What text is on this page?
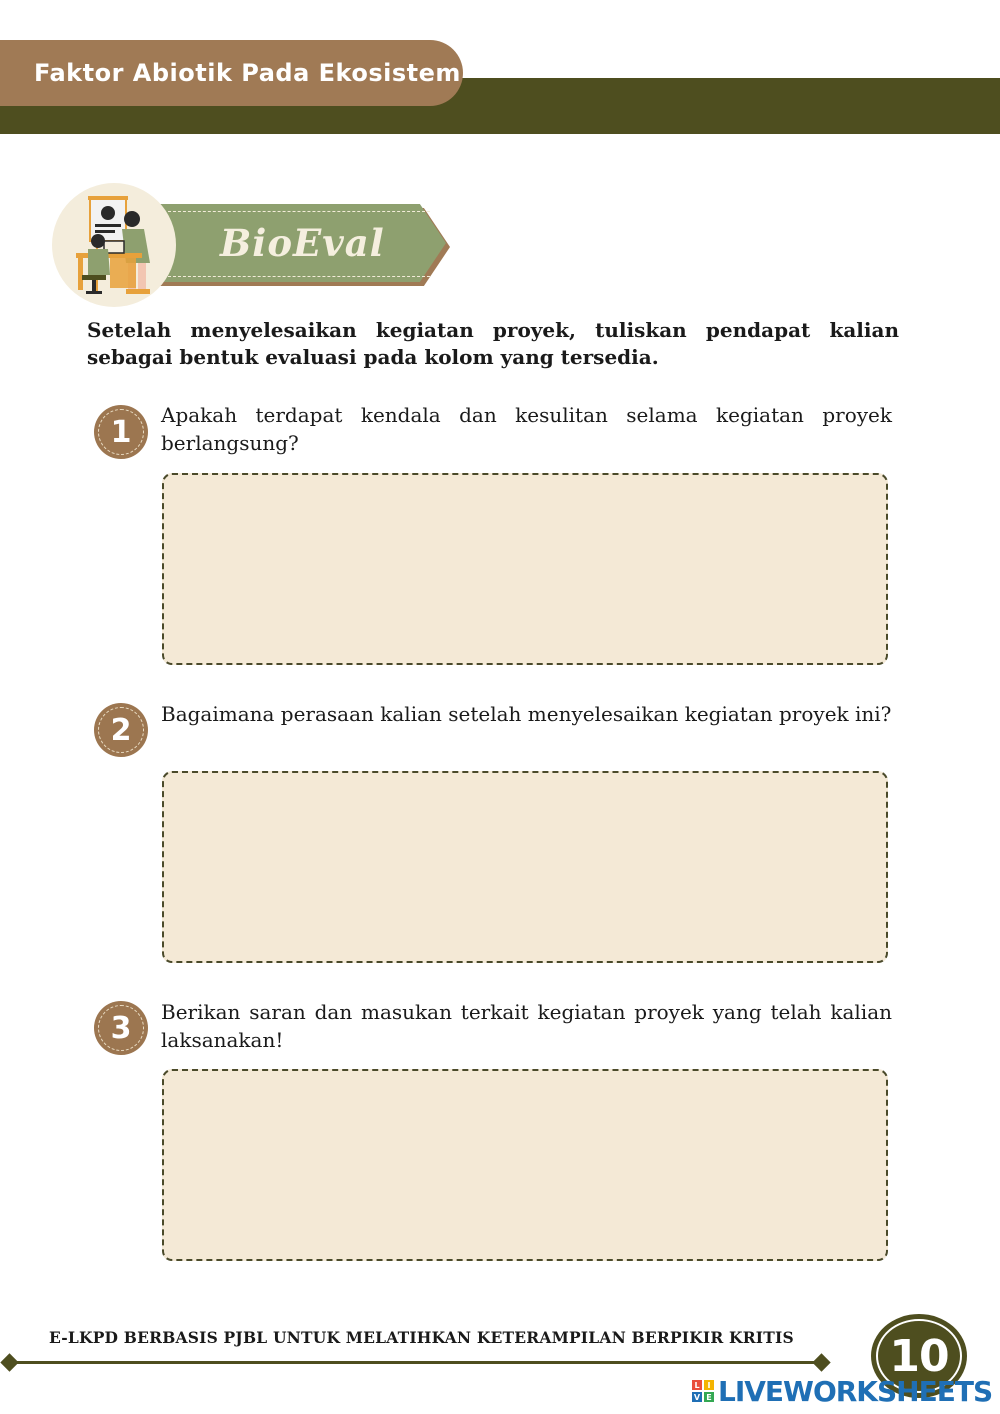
Faktor Abiotik Pada Ekosistem
BioEval
Setelah menyelesaikan kegiatan proyek, tuliskan pendapat kalian sebagai bentuk evaluasi pada kolom yang tersedia.
1 Apakah terdapat kendala dan kesulitan selama kegiatan proyek berlangsung?
2 Bagaimana perasaan kalian setelah menyelesaikan kegiatan proyek ini?
3 Berikan saran dan masukan terkait kegiatan proyek yang telah kalian laksanakan!
E-LKPD BERBASIS PJBL UNTUK MELATIHKAN KETERAMPILAN BERPIKIR KRITIS 10
L I
V E LIVEWORKSHEETS
